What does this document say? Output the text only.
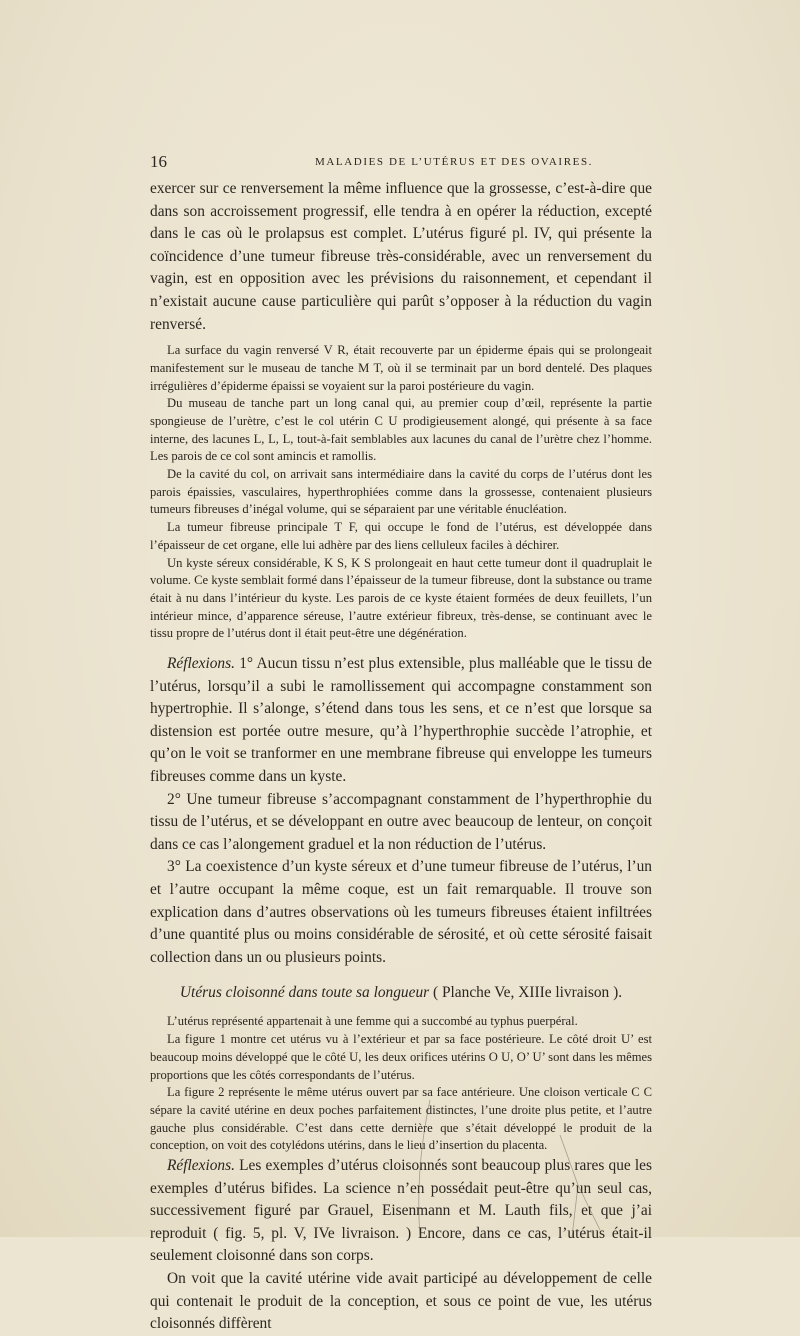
16	MALADIES DE L’UTÉRUS ET DES OVAIRES.

exercer sur ce renversement la même influence que la grossesse, c’est-à-dire que dans son accroissement progressif, elle tendra à en opérer la réduction, excepté dans le cas où le prolapsus est complet. L’utérus figuré pl. IV, qui présente la coïncidence d’une tumeur fibreuse très-considérable, avec un renversement du vagin, est en opposition avec les prévisions du raisonnement, et cependant il n’existait aucune cause particulière qui parût s’opposer à la réduction du vagin renversé.

La surface du vagin renversé V R, était recouverte par un épiderme épais qui se prolongeait manifestement sur le museau de tanche M T, où il se terminait par un bord dentelé. Des plaques irrégulières d’épiderme épaissi se voyaient sur la paroi postérieure du vagin.

Du museau de tanche part un long canal qui, au premier coup d’œil, représente la partie spongieuse de l’urètre, c’est le col utérin C U prodigieusement alongé, qui présente à sa face interne, des lacunes L, L, L, tout-à-fait semblables aux lacunes du canal de l’urètre chez l’homme. Les parois de ce col sont amincis et ramollis.

De la cavité du col, on arrivait sans intermédiaire dans la cavité du corps de l’utérus dont les parois épaissies, vasculaires, hyperthrophiées comme dans la grossesse, contenaient plusieurs tumeurs fibreuses d’inégal volume, qui se séparaient par une véritable énucléation.

La tumeur fibreuse principale T F, qui occupe le fond de l’utérus, est développée dans l’épaisseur de cet organe, elle lui adhère par des liens celluleux faciles à déchirer.

Un kyste séreux considérable, K S, K S prolongeait en haut cette tumeur dont il quadruplait le volume. Ce kyste semblait formé dans l’épaisseur de la tumeur fibreuse, dont la substance ou trame était à nu dans l’intérieur du kyste. Les parois de ce kyste étaient formées de deux feuillets, l’un intérieur mince, d’apparence séreuse, l’autre extérieur fibreux, très-dense, se continuant avec le tissu propre de l’utérus dont il était peut-être une dégénération.

Réflexions. 1° Aucun tissu n’est plus extensible, plus malléable que le tissu de l’utérus, lorsqu’il a subi le ramollissement qui accompagne constamment son hypertrophie. Il s’alonge, s’étend dans tous les sens, et ce n’est que lorsque sa distension est portée outre mesure, qu’à l’hyperthrophie succède l’atrophie, et qu’on le voit se tranformer en une membrane fibreuse qui enveloppe les tumeurs fibreuses comme dans un kyste.

2° Une tumeur fibreuse s’accompagnant constamment de l’hyperthrophie du tissu de l’utérus, et se développant en outre avec beaucoup de lenteur, on conçoit dans ce cas l’alongement graduel et la non réduction de l’utérus.

3° La coexistence d’un kyste séreux et d’une tumeur fibreuse de l’utérus, l’un et l’autre occupant la même coque, est un fait remarquable. Il trouve son explication dans d’autres observations où les tumeurs fibreuses étaient infiltrées d’une quantité plus ou moins considérable de sérosité, et où cette sérosité faisait collection dans un ou plusieurs points.

Utérus cloisonné dans toute sa longueur ( Planche Ve, XIIIe livraison ).

L’utérus représenté appartenait à une femme qui a succombé au typhus puerpéral.

La figure 1 montre cet utérus vu à l’extérieur et par sa face postérieure. Le côté droit U’ est beaucoup moins développé que le côté U, les deux orifices utérins O U, O’ U’ sont dans les mêmes proportions que les côtés correspondants de l’utérus.

La figure 2 représente le même utérus ouvert par sa face antérieure. Une cloison verticale C C sépare la cavité utérine en deux poches parfaitement distinctes, l’une droite plus petite, et l’autre gauche plus considérable. C’est dans cette dernière que s’était développé le produit de la conception, on voit des cotylédons utérins, dans le lieu d’insertion du placenta.

Réflexions. Les exemples d’utérus cloisonnés sont beaucoup plus rares que les exemples d’utérus bifides. La science n’en possédait peut-être qu’un seul cas, successivement figuré par Grauel, Eisenmann et M. Lauth fils, et que j’ai reproduit ( fig. 5, pl. V, IVe livraison. ) Encore, dans ce cas, l’utérus était-il seulement cloisonné dans son corps.

On voit que la cavité utérine vide avait participé au développement de celle qui contenait le produit de la conception, et sous ce point de vue, les utérus cloisonnés diffèrent
